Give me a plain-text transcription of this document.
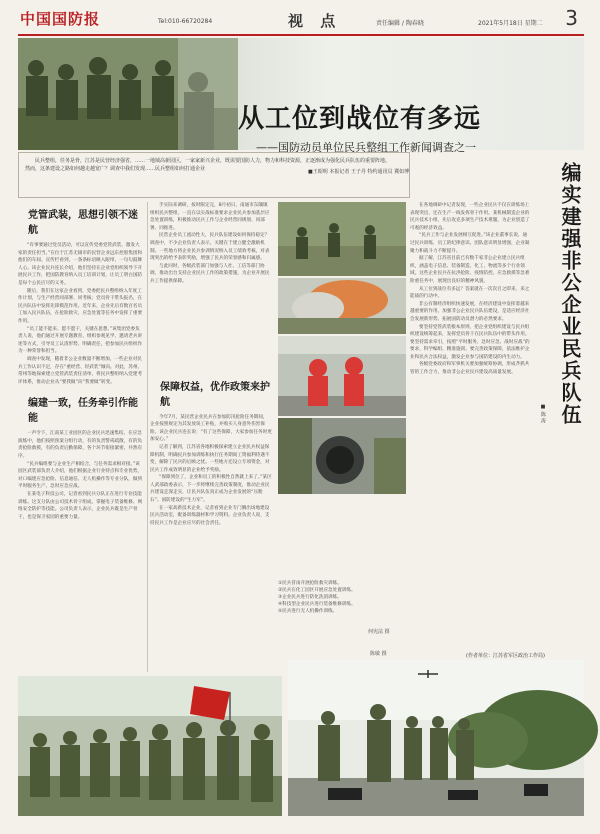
中国国防报	Tel:010-66720284	视 点	责任编辑 / 陶春晓	2021年5月18日 星期二 3
从工位到战位有多远
——国防动员单位民兵整组工作新闻调查之一
■王昭明 本报记者 王子丹 特约通讯员 冀如博

民兵整组，任务是骨，江苏是民营经济强省，……一地域高新园区，一家家新兴企业，既需要国防人力，物力和科技资源，正逐渐成为强化民兵队伍的重要阵地。　　 然而，这条建设之路如何越走越宽广？调查中我们发现……民兵整组如何打通企业

党管武装，思想引领不迷航
“有事要通过党员活动，可以宣传党委党管武装、激发大家的责任担当。”在位于江苏无锡市的民营企业远东控股集团和他们的车间、宣传栏看到，一条条标语映入眼帘，一句句鼓舞人心。该企业民兵连长介绍，他们坚持在企业党组织领导下开展民兵工作，把国防教育纳入员工培训计划，让员工明白国防是每个公民应尽的义务。
随后，我们在这家企业看到，党委把民兵整组纳入年度工作计划，与生产经营同部署、同考核；党员骨干带头报名，在民兵队伍中发挥先锋模范作用。近年来，企业先后有数百名员工加入民兵队伍，在抢险救灾、应急处置等任务中发挥了重要作用。
“员工能不能来、愿不愿干，关键在思想。”该集团党委负责人说，他们通过开展专题教育、组织参观见学、邀请老兵讲述等方式，引导员工认清形势、明确责任，把参加民兵组织作为一种荣誉和担当。
调查中发现，随着非公企业数量不断增加，一些企业对民兵工作认识不足，存在“重经营、轻武装”倾向。对此，苏州、常州等地探索建立党管武装责任清单，将民兵整组纳入党建考评体系，推动企业从“要我做”向“我要做”转变。
编建一致，任务牵引作能能
一声令下，江南某工业园区的企业民兵迅速集结。在应急演练中，他们按照预案分组行动，有的负责警戒疏散，有的负责抢险救援，有的负责后勤保障，各个环节衔接紧密、井然有序。
“民兵编组要与企业生产相结合，与任务需求相对接。”该园区武装部负责人介绍，他们根据企业行业特点和专业优势，对口编建应急抢险、信息通信、无人机操作等专业分队，做到平时服务生产、急时应急应战。
在某电子科技公司，记者看到民兵分队正在进行专业技能训练。这支分队由公司技术骨干组成，掌握电子装备维修、网络安全防护等技能。公司负责人表示，企业民兵既是生产骨干，也是保卫家园的重要力量。
手实际来调研，按时限定完，8月初日，南通市东隅镇组织民兵整组，一直在以实战标准要求企业民兵参加基层应急处置训练，积极推动民兵工作与企业经营同规划、同部署、同推进。
民营企业员工流动性大，民兵队伍建设如何保持稳定？调查中，不少企业负责人表示，关键在于建立健全激励机制。一些地方将企业民兵参训情况纳入员工绩效考核，对表现突出的给予表彰奖励，增强了民兵的荣誉感和归属感。
与此同时，各级武装部门加强与人社、工信等部门协调，推动出台支持企业民兵工作的政策措施，为企业开展民兵工作提供保障。
保障权益，优作政策来护航
今年7月，某民营企业民兵在参加防汛抢险任务期间，企业按照规定为其发放误工补贴，并购买人身意外伤害保险。该企业民兵连长说：“有了这些保障，大家参加任务时更加安心。”
记者了解到，江苏省各地积极探索建立企业民兵权益保障机制，明确民兵参加训练和执行任务期间工资福利待遇不变，解除了民兵的后顾之忧。一些地方还设立专项资金，对民兵工作成效明显的企业给予奖励。
“保障到位了，企业和员工的积极性自然就上来了。”某区人武部政委表示，下一步将继续完善政策制度，推动企业民兵建设走深走实，让民兵队伍真正成为企业发展的“压舱石”、国防建设的“生力军”。
在一家高新技术企业，记者看到企业专门腾出场地建设民兵活动室，配备训练器材和学习资料。企业负责人说，支持民兵工作是企业应尽的社会责任。
①民兵冒雨开展抢险救灾训练。
②民兵在化工园区开展应急处置训练。
③企业民兵进行防化洗消训练。
④科技型企业民兵进行装备维修训练。
⑤民兵进行无人机操作训练。
何宪法 摄
在各地调研中记者发现，一些企业民兵不仅在训练场上表现突出，还在生产一线发挥骨干作用。某机械制造企业的民兵技术小组，先后攻克多项生产技术难题，为企业创造了可观的经济效益。
“民兵工作与企业发展相互促进。”该企业董事长说，通过民兵训练，员工的纪律意识、团队意识明显增强，企业凝聚力和战斗力不断提升。
据了解，江苏省目前已有数千家非公企业建立民兵组织，涵盖电子信息、装备制造、化工、物流等多个行业领域。这些企业民兵在抗洪抢险、疫情防控、应急救援等急难险重任务中，展现出良好的精神风貌。
从工位到战位有多远？答案就在一次次召之即来、来之能战的行动中。
非公有制经济组织快速发展，在经济建设中发挥着越来越重要的作用。加强非公企业民兵队伍建设，是适应经济社会发展新形势、拓展国防动员潜力的必然要求。
要坚持党管武装根本原则，把企业党组织建设与民兵组织建设统筹起来，发挥党员骨干在民兵队伍中的带头作用。要坚持需求牵引，按照“平时服务、急时应急、战时应战”的要求，科学编组、精准施训。要完善政策保障，依法维护企业和民兵合法权益，激发企业参与国防建设的内生动力。
各级党委政府和军事机关要加强统筹协调，形成齐抓共管的工作合力，推动非公企业民兵建设高质量发展。	编实建强非公企业民兵队伍
■ 陈 涛
(作者单位：江苏省军区政治工作局)
陈敏 摄
